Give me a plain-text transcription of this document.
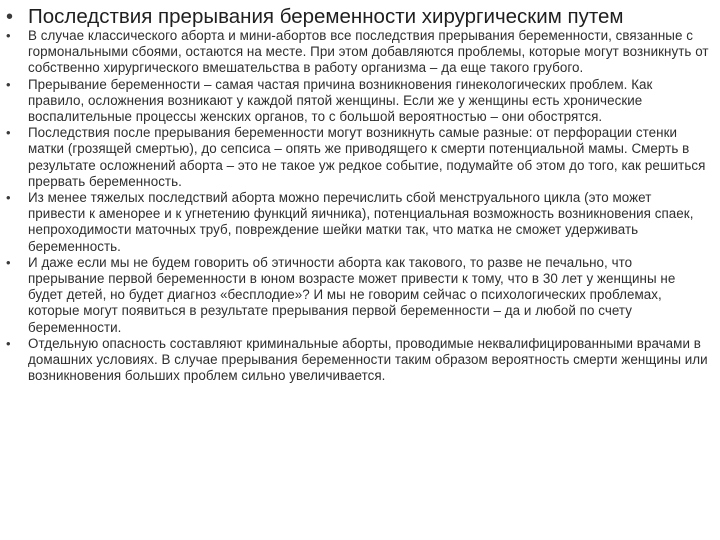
• Последствия прерывания беременности хирургическим путем
•	В случае классического аборта и мини-абортов все последствия прерывания беременности, связанные с гормональными сбоями, остаются на месте. При этом добавляются проблемы, которые могут возникнуть от собственно хирургического вмешательства в работу организма – да еще такого грубого.
•	Прерывание беременности – самая частая причина возникновения гинекологических проблем. Как правило, осложнения возникают у каждой пятой женщины. Если же у женщины есть хронические воспалительные процессы женских органов, то с большой вероятностью – они обострятся.
•	Последствия после прерывания беременности могут возникнуть самые разные: от перфорации стенки матки (грозящей смертью), до сепсиса – опять же приводящего к смерти потенциальной мамы. Смерть в результате осложнений аборта – это не такое уж редкое событие, подумайте об этом до того, как решиться прервать беременность.
•	Из менее тяжелых последствий аборта можно перечислить сбой менструального цикла (это может привести к аменорее и к угнетению функций яичника), потенциальная возможность возникновения спаек, непроходимости маточных труб, повреждение шейки матки так, что матка не сможет удерживать беременность.
•	И даже если мы не будем говорить об этичности аборта как такового, то разве не печально, что прерывание первой беременности в юном возрасте может привести к тому, что в 30 лет у женщины не будет детей, но будет диагноз «бесплодие»? И мы не говорим сейчас о психологических проблемах, которые могут появиться в результате прерывания первой беременности – да и любой по счету беременности.
•	Отдельную опасность составляют криминальные аборты, проводимые неквалифицированными врачами в домашних условиях. В случае прерывания беременности таким образом вероятность смерти женщины или возникновения больших проблем сильно увеличивается.
